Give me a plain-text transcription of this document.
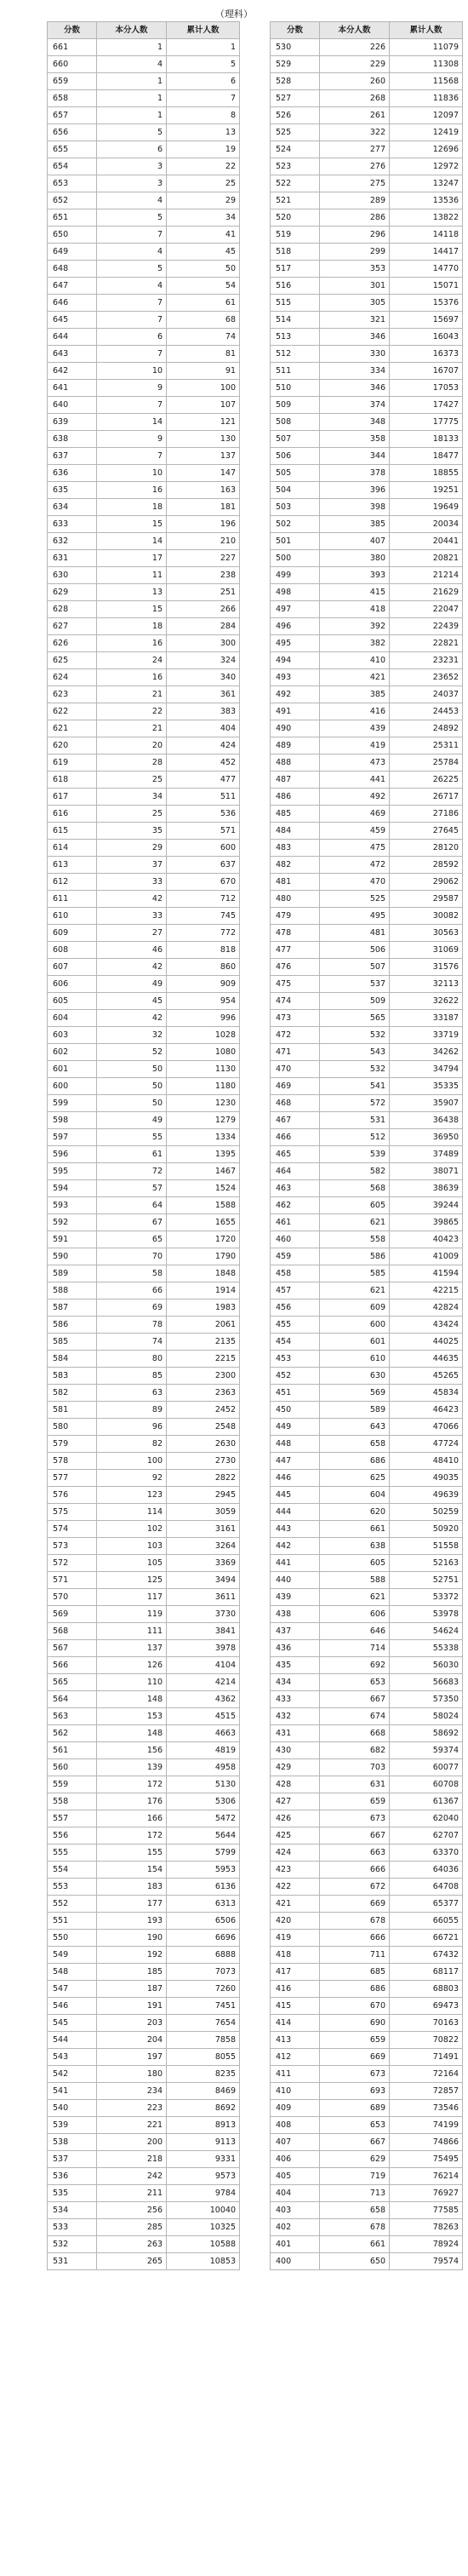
（理科）
分数	本分人数	累计人数
661	1	1
660	4	5
659	1	6
658	1	7
657	1	8
656	5	13
655	6	19
654	3	22
653	3	25
652	4	29
651	5	34
650	7	41
649	4	45
648	5	50
647	4	54
646	7	61
645	7	68
644	6	74
643	7	81
642	10	91
641	9	100
640	7	107
639	14	121
638	9	130
637	7	137
636	10	147
635	16	163
634	18	181
633	15	196
632	14	210
631	17	227
630	11	238
629	13	251
628	15	266
627	18	284
626	16	300
625	24	324
624	16	340
623	21	361
622	22	383
621	21	404
620	20	424
619	28	452
618	25	477
617	34	511
616	25	536
615	35	571
614	29	600
613	37	637
612	33	670
611	42	712
610	33	745
609	27	772
608	46	818
607	42	860
606	49	909
605	45	954
604	42	996
603	32	1028
602	52	1080
601	50	1130
600	50	1180
599	50	1230
598	49	1279
597	55	1334
596	61	1395
595	72	1467
594	57	1524
593	64	1588
592	67	1655
591	65	1720
590	70	1790
589	58	1848
588	66	1914
587	69	1983
586	78	2061
585	74	2135
584	80	2215
583	85	2300
582	63	2363
581	89	2452
580	96	2548
579	82	2630
578	100	2730
577	92	2822
576	123	2945
575	114	3059
574	102	3161
573	103	3264
572	105	3369
571	125	3494
570	117	3611
569	119	3730
568	111	3841
567	137	3978
566	126	4104
565	110	4214
564	148	4362
563	153	4515
562	148	4663
561	156	4819
560	139	4958
559	172	5130
558	176	5306
557	166	5472
556	172	5644
555	155	5799
554	154	5953
553	183	6136
552	177	6313
551	193	6506
550	190	6696
549	192	6888
548	185	7073
547	187	7260
546	191	7451
545	203	7654
544	204	7858
543	197	8055
542	180	8235
541	234	8469
540	223	8692
539	221	8913
538	200	9113
537	218	9331
536	242	9573
535	211	9784
534	256	10040
533	285	10325
532	263	10588
531	265	10853
分数	本分人数	累计人数
530	226	11079
529	229	11308
528	260	11568
527	268	11836
526	261	12097
525	322	12419
524	277	12696
523	276	12972
522	275	13247
521	289	13536
520	286	13822
519	296	14118
518	299	14417
517	353	14770
516	301	15071
515	305	15376
514	321	15697
513	346	16043
512	330	16373
511	334	16707
510	346	17053
509	374	17427
508	348	17775
507	358	18133
506	344	18477
505	378	18855
504	396	19251
503	398	19649
502	385	20034
501	407	20441
500	380	20821
499	393	21214
498	415	21629
497	418	22047
496	392	22439
495	382	22821
494	410	23231
493	421	23652
492	385	24037
491	416	24453
490	439	24892
489	419	25311
488	473	25784
487	441	26225
486	492	26717
485	469	27186
484	459	27645
483	475	28120
482	472	28592
481	470	29062
480	525	29587
479	495	30082
478	481	30563
477	506	31069
476	507	31576
475	537	32113
474	509	32622
473	565	33187
472	532	33719
471	543	34262
470	532	34794
469	541	35335
468	572	35907
467	531	36438
466	512	36950
465	539	37489
464	582	38071
463	568	38639
462	605	39244
461	621	39865
460	558	40423
459	586	41009
458	585	41594
457	621	42215
456	609	42824
455	600	43424
454	601	44025
453	610	44635
452	630	45265
451	569	45834
450	589	46423
449	643	47066
448	658	47724
447	686	48410
446	625	49035
445	604	49639
444	620	50259
443	661	50920
442	638	51558
441	605	52163
440	588	52751
439	621	53372
438	606	53978
437	646	54624
436	714	55338
435	692	56030
434	653	56683
433	667	57350
432	674	58024
431	668	58692
430	682	59374
429	703	60077
428	631	60708
427	659	61367
426	673	62040
425	667	62707
424	663	63370
423	666	64036
422	672	64708
421	669	65377
420	678	66055
419	666	66721
418	711	67432
417	685	68117
416	686	68803
415	670	69473
414	690	70163
413	659	70822
412	669	71491
411	673	72164
410	693	72857
409	689	73546
408	653	74199
407	667	74866
406	629	75495
405	719	76214
404	713	76927
403	658	77585
402	678	78263
401	661	78924
400	650	79574
